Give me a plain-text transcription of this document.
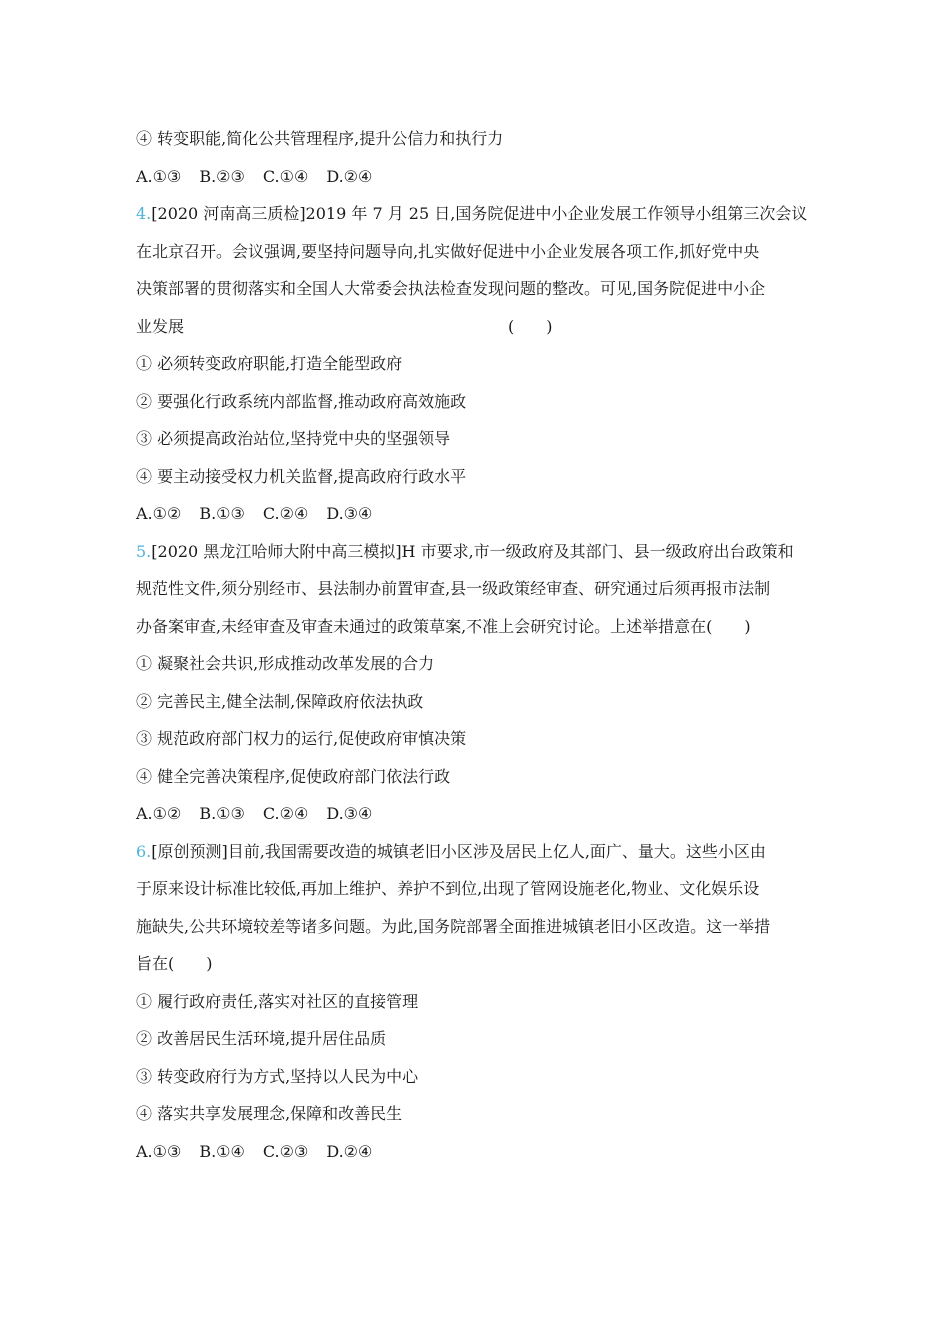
④ 转变职能,简化公共管理程序,提升公信力和执行力
A.①③ B.②③ C.①④ D.②④
4.[2020 河南高三质检]2019 年 7 月 25 日,国务院促进中小企业发展工作领导小组第三次会议
在北京召开。会议强调,要坚持问题导向,扎实做好促进中小企业发展各项工作,抓好党中央
决策部署的贯彻落实和全国人大常委会执法检查发现问题的整改。可见,国务院促进中小企
业发展	(　　)
① 必须转变政府职能,打造全能型政府
② 要强化行政系统内部监督,推动政府高效施政
③ 必须提高政治站位,坚持党中央的坚强领导
④ 要主动接受权力机关监督,提高政府行政水平
A.①② B.①③ C.②④ D.③④
5.[2020 黑龙江哈师大附中高三模拟]H 市要求,市一级政府及其部门、县一级政府出台政策和
规范性文件,须分别经市、县法制办前置审查,县一级政策经审查、研究通过后须再报市法制
办备案审查,未经审查及审查未通过的政策草案,不准上会研究讨论。上述举措意在(　　)
① 凝聚社会共识,形成推动改革发展的合力
② 完善民主,健全法制,保障政府依法执政
③ 规范政府部门权力的运行,促使政府审慎决策
④ 健全完善决策程序,促使政府部门依法行政
A.①② B.①③ C.②④ D.③④
6.[原创预测]目前,我国需要改造的城镇老旧小区涉及居民上亿人,面广、量大。这些小区由
于原来设计标准比较低,再加上维护、养护不到位,出现了管网设施老化,物业、文化娱乐设
施缺失,公共环境较差等诸多问题。为此,国务院部署全面推进城镇老旧小区改造。这一举措
旨在(　　)
① 履行政府责任,落实对社区的直接管理
② 改善居民生活环境,提升居住品质
③ 转变政府行为方式,坚持以人民为中心
④ 落实共享发展理念,保障和改善民生
A.①③ B.①④ C.②③ D.②④
